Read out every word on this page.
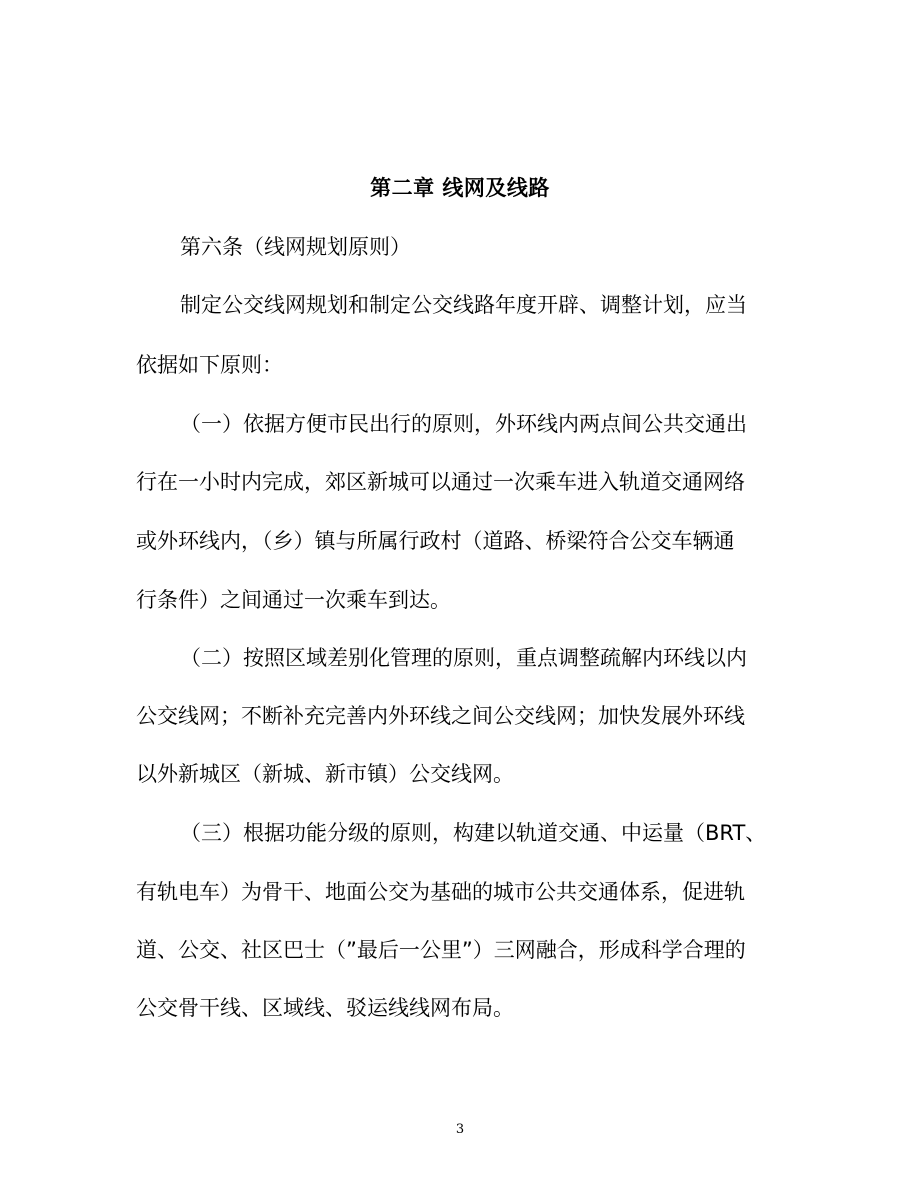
第二章 线网及线路
第六条（线网规划原则）
制定公交线网规划和制定公交线路年度开辟、调整计划，应当
依据如下原则：
（一）依据方便市民出行的原则，外环线内两点间公共交通出
行在一小时内完成，郊区新城可以通过一次乘车进入轨道交通网络
或外环线内，（乡）镇与所属行政村（道路、桥梁符合公交车辆通
行条件）之间通过一次乘车到达。
（二）按照区域差别化管理的原则，重点调整疏解内环线以内
公交线网；不断补充完善内外环线之间公交线网；加快发展外环线
以外新城区（新城、新市镇）公交线网。
（三）根据功能分级的原则，构建以轨道交通、中运量（BRT、
有轨电车）为骨干、地面公交为基础的城市公共交通体系，促进轨
道、公交、社区巴士（”最后一公里”）三网融合，形成科学合理的
公交骨干线、区域线、驳运线线网布局。
3
